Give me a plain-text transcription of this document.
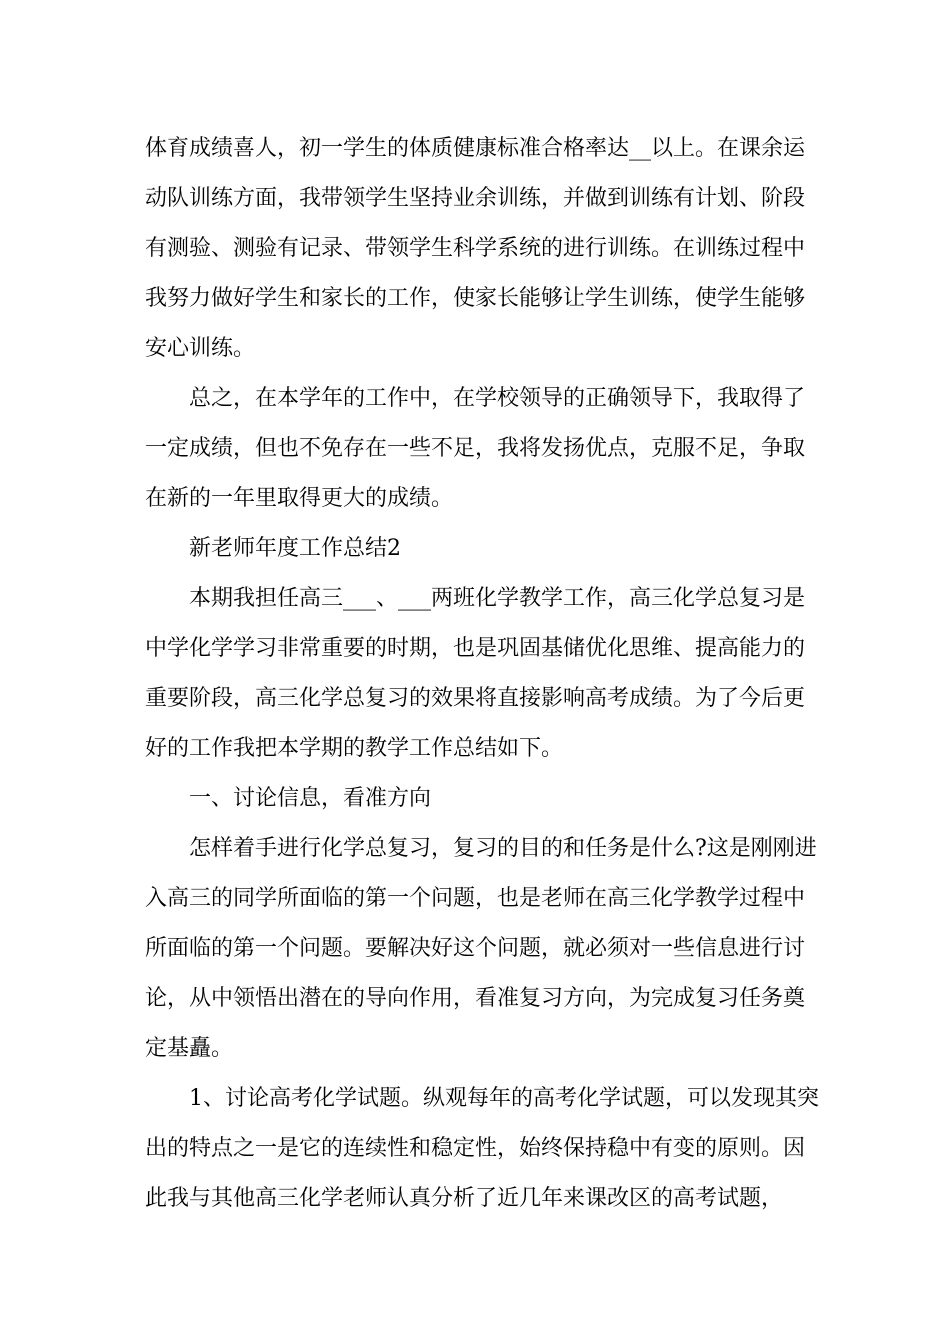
体育成绩喜人，初一学生的体质健康标准合格率达__以上。在课余运动队训练方面，我带领学生坚持业余训练，并做到训练有计划、阶段有测验、测验有记录、带领学生科学系统的进行训练。在训练过程中我努力做好学生和家长的工作，使家长能够让学生训练，使学生能够安心训练。

总之，在本学年的工作中，在学校领导的正确领导下，我取得了一定成绩，但也不免存在一些不足，我将发扬优点，克服不足，争取在新的一年里取得更大的成绩。

新老师年度工作总结2

本期我担任高三___、___两班化学教学工作，高三化学总复习是中学化学学习非常重要的时期，也是巩固基储优化思维、提高能力的重要阶段，高三化学总复习的效果将直接影响高考成绩。为了今后更好的工作我把本学期的教学工作总结如下。

一、讨论信息，看准方向

怎样着手进行化学总复习，复习的目的和任务是什么?这是刚刚进入高三的同学所面临的第一个问题，也是老师在高三化学教学过程中所面临的第一个问题。要解决好这个问题，就必须对一些信息进行讨论，从中领悟出潜在的导向作用，看准复习方向，为完成复习任务奠定基矗。

1、讨论高考化学试题。纵观每年的高考化学试题，可以发现其突出的特点之一是它的连续性和稳定性，始终保持稳中有变的原则。因此我与其他高三化学老师认真分析了近几年来课改区的高考试题，
